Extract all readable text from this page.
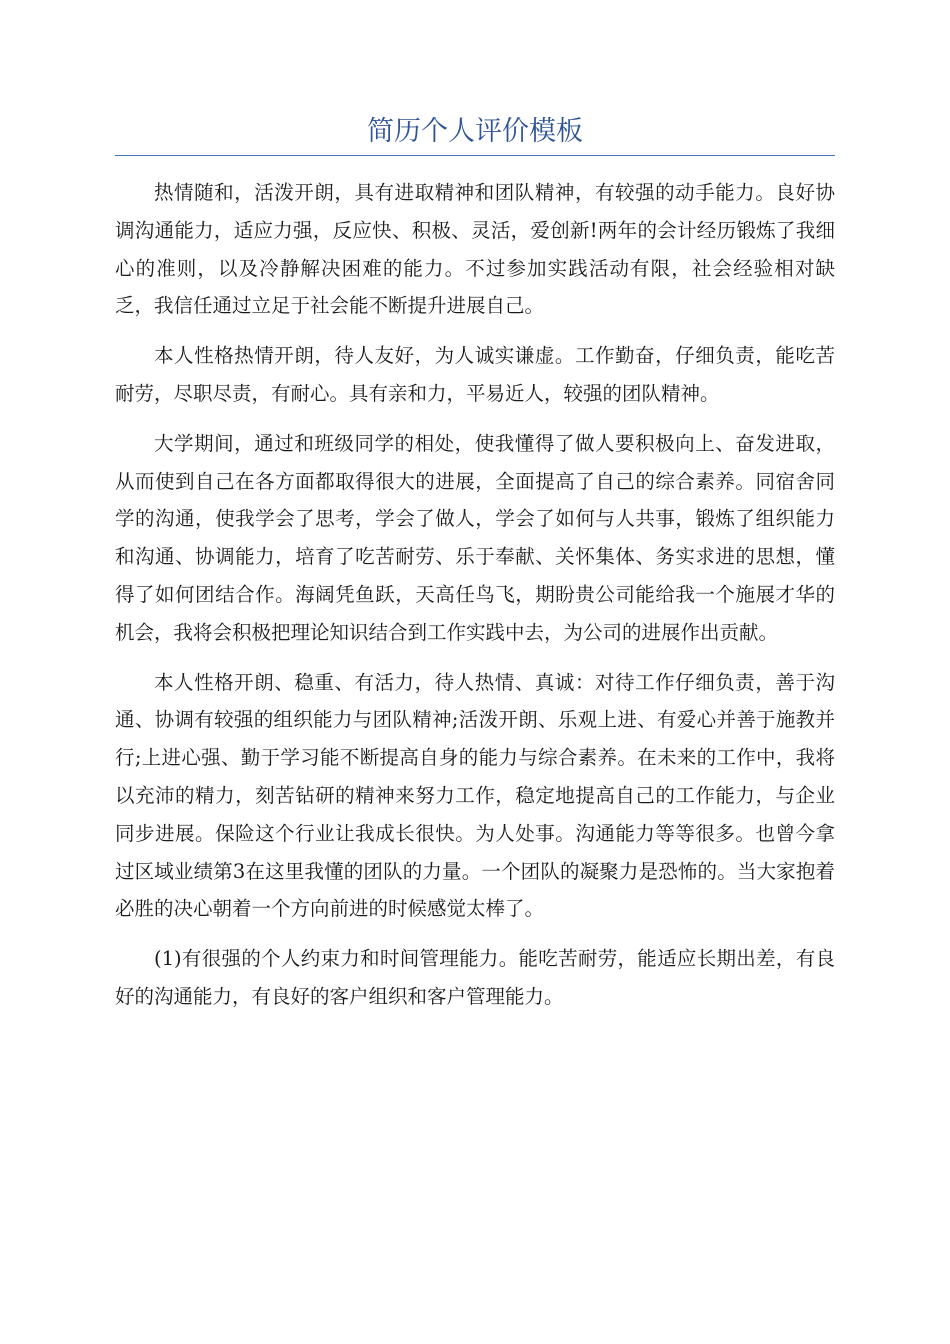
简历个人评价模板

热情随和，活泼开朗，具有进取精神和团队精神，有较强的动手能力。良好协调沟通能力，适应力强，反应快、积极、灵活，爱创新!两年的会计经历锻炼了我细心的准则，以及冷静解决困难的能力。不过参加实践活动有限，社会经验相对缺乏，我信任通过立足于社会能不断提升进展自己。

本人性格热情开朗，待人友好，为人诚实谦虚。工作勤奋，仔细负责，能吃苦耐劳，尽职尽责，有耐心。具有亲和力，平易近人，较强的团队精神。

大学期间，通过和班级同学的相处，使我懂得了做人要积极向上、奋发进取，从而使到自己在各方面都取得很大的进展，全面提高了自己的综合素养。同宿舍同学的沟通，使我学会了思考，学会了做人，学会了如何与人共事，锻炼了组织能力和沟通、协调能力，培育了吃苦耐劳、乐于奉献、关怀集体、务实求进的思想，懂得了如何团结合作。海阔凭鱼跃，天高任鸟飞，期盼贵公司能给我一个施展才华的机会，我将会积极把理论知识结合到工作实践中去，为公司的进展作出贡献。

本人性格开朗、稳重、有活力，待人热情、真诚：对待工作仔细负责，善于沟通、协调有较强的组织能力与团队精神;活泼开朗、乐观上进、有爱心并善于施教并行;上进心强、勤于学习能不断提高自身的能力与综合素养。在未来的工作中，我将以充沛的精力，刻苦钻研的精神来努力工作，稳定地提高自己的工作能力，与企业同步进展。保险这个行业让我成长很快。为人处事。沟通能力等等很多。也曾今拿过区域业绩第3在这里我懂的团队的力量。一个团队的凝聚力是恐怖的。当大家抱着必胜的决心朝着一个方向前进的时候感觉太棒了。

(1)有很强的个人约束力和时间管理能力。能吃苦耐劳，能适应长期出差，有良好的沟通能力，有良好的客户组织和客户管理能力。
